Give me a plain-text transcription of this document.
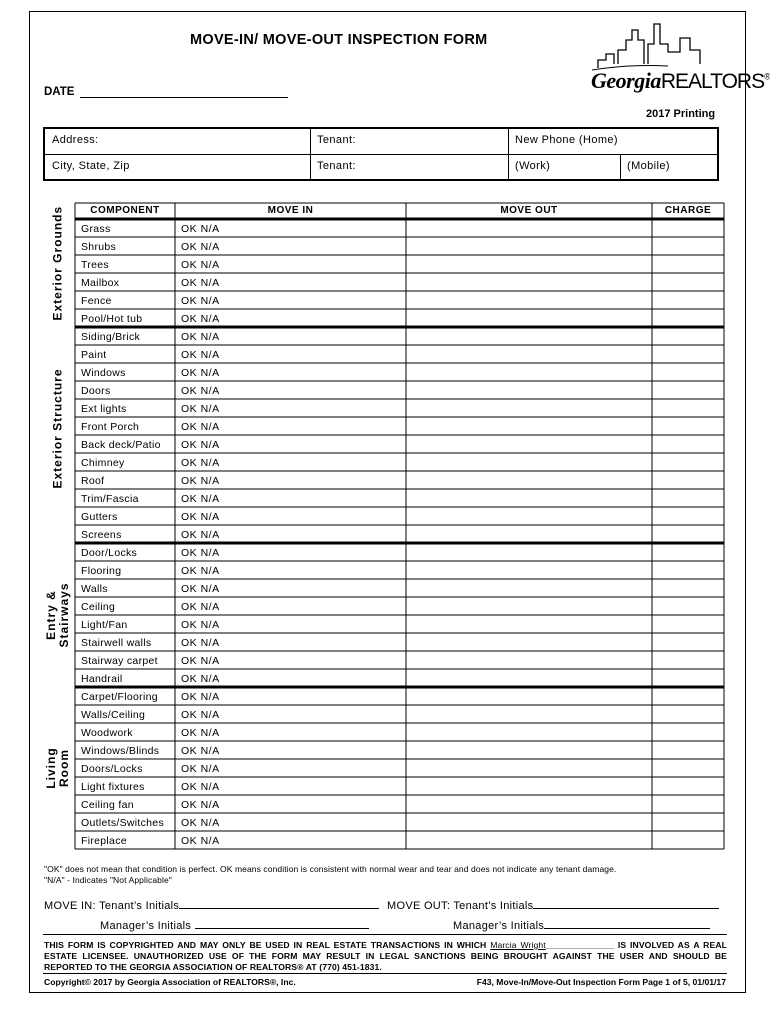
MOVE-IN/ MOVE-OUT INSPECTION FORM
GeorgiaREALTORS®
DATE
2017 Printing
Address:	Tenant:	New Phone (Home)
City, State, Zip	Tenant:	(Work)	(Mobile)
COMPONENT	MOVE IN	MOVE OUT	CHARGE
Grass	OK N/A
Shrubs	OK N/A
Trees	OK N/A
Mailbox	OK N/A
Fence	OK N/A
Pool/Hot tub	OK N/A
Exterior Grounds
Siding/Brick	OK N/A
Paint	OK N/A
Windows	OK N/A
Doors	OK N/A
Ext lights	OK N/A
Front Porch	OK N/A
Back deck/Patio OK N/A
Chimney	OK N/A
Roof	OK N/A
Trim/Fascia	OK N/A
Gutters	OK N/A
Screens	OK N/A
Exterior Structure
Door/Locks	OK N/A
Flooring	OK N/A
Walls	OK N/A
Ceiling	OK N/A
Light/Fan	OK N/A
Stairwell walls	OK N/A
Stairway carpet OK N/A
Handrail	OK N/A
Entry & Stairways
Carpet/Flooring OK N/A
Walls/Ceiling	OK N/A
Woodwork	OK N/A
Windows/Blinds OK N/A
Doors/Locks	OK N/A
Light fixtures	OK N/A
Ceiling fan	OK N/A
Outlets/Switches OK N/A
Fireplace	OK N/A
Living Room
"OK" does not mean that condition is perfect. OK means condition is consistent with normal wear and tear and does not indicate any tenant damage.
"N/A" - Indicates "Not Applicable"
MOVE IN: Tenant’s Initials	MOVE OUT: Tenant’s Initials
Manager’s Initials	Manager’s Initials
THIS FORM IS COPYRIGHTED AND MAY ONLY BE USED IN REAL ESTATE TRANSACTIONS IN WHICH Marcia Wright______________ IS INVOLVED AS A REAL ESTATE LICENSEE. UNAUTHORIZED USE OF THE FORM MAY RESULT IN LEGAL SANCTIONS BEING BROUGHT AGAINST THE USER AND SHOULD BE REPORTED TO THE GEORGIA ASSOCIATION OF REALTORS® AT (770) 451-1831.
Copyright© 2017 by Georgia Association of REALTORS®, Inc.	F43, Move-In/Move-Out Inspection Form Page 1 of 5, 01/01/17
